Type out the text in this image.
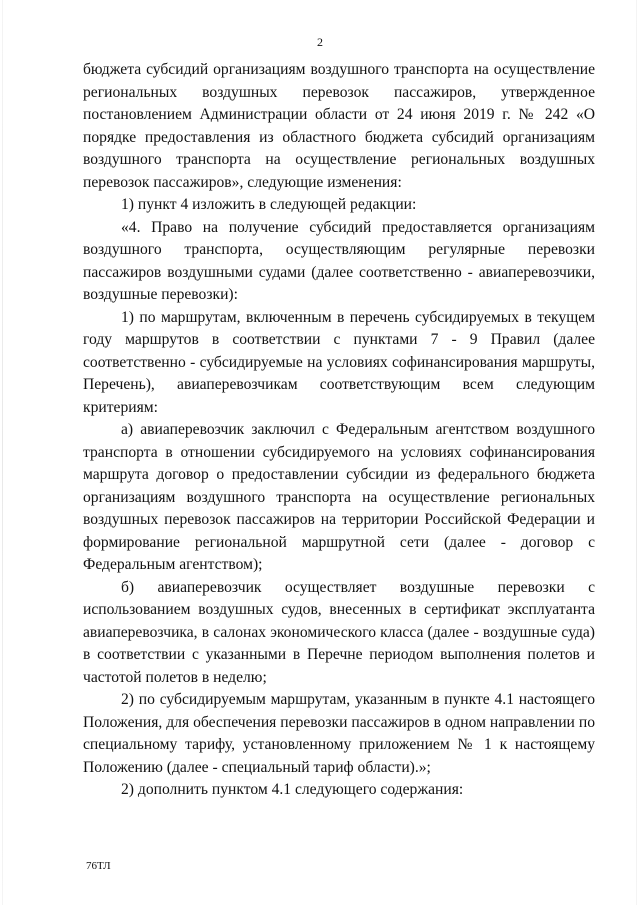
2

бюджета субсидий организациям воздушного транспорта на осуществление региональных воздушных перевозок пассажиров, утвержденное постановлением Администрации области от 24 июня 2019 г. № 242 «О порядке предоставления из областного бюджета субсидий организациям воздушного транспорта на осуществление региональных воздушных перевозок пассажиров», следующие изменения:

1) пункт 4 изложить в следующей редакции:

«4. Право на получение субсидий предоставляется организациям воздушного транспорта, осуществляющим регулярные перевозки пассажиров воздушными судами (далее соответственно - авиаперевозчики, воздушные перевозки):

1) по маршрутам, включенным в перечень субсидируемых в текущем году маршрутов в соответствии с пунктами 7 - 9 Правил (далее соответственно - субсидируемые на условиях софинансирования маршруты, Перечень), авиаперевозчикам соответствующим всем следующим критериям:

а) авиаперевозчик заключил с Федеральным агентством воздушного транспорта в отношении субсидируемого на условиях софинансирования маршрута договор о предоставлении субсидии из федерального бюджета организациям воздушного транспорта на осуществление региональных воздушных перевозок пассажиров на территории Российской Федерации и формирование региональной маршрутной сети (далее - договор с Федеральным агентством);

б) авиаперевозчик осуществляет воздушные перевозки с использованием воздушных судов, внесенных в сертификат эксплуатанта авиаперевозчика, в салонах экономического класса (далее - воздушные суда) в соответствии с указанными в Перечне периодом выполнения полетов и частотой полетов в неделю;

2) по субсидируемым маршрутам, указанным в пункте 4.1 настоящего Положения, для обеспечения перевозки пассажиров в одном направлении по специальному тарифу, установленному приложением № 1 к настоящему Положению (далее - специальный тариф области).»;

2) дополнить пунктом 4.1 следующего содержания:

76ТЛ
